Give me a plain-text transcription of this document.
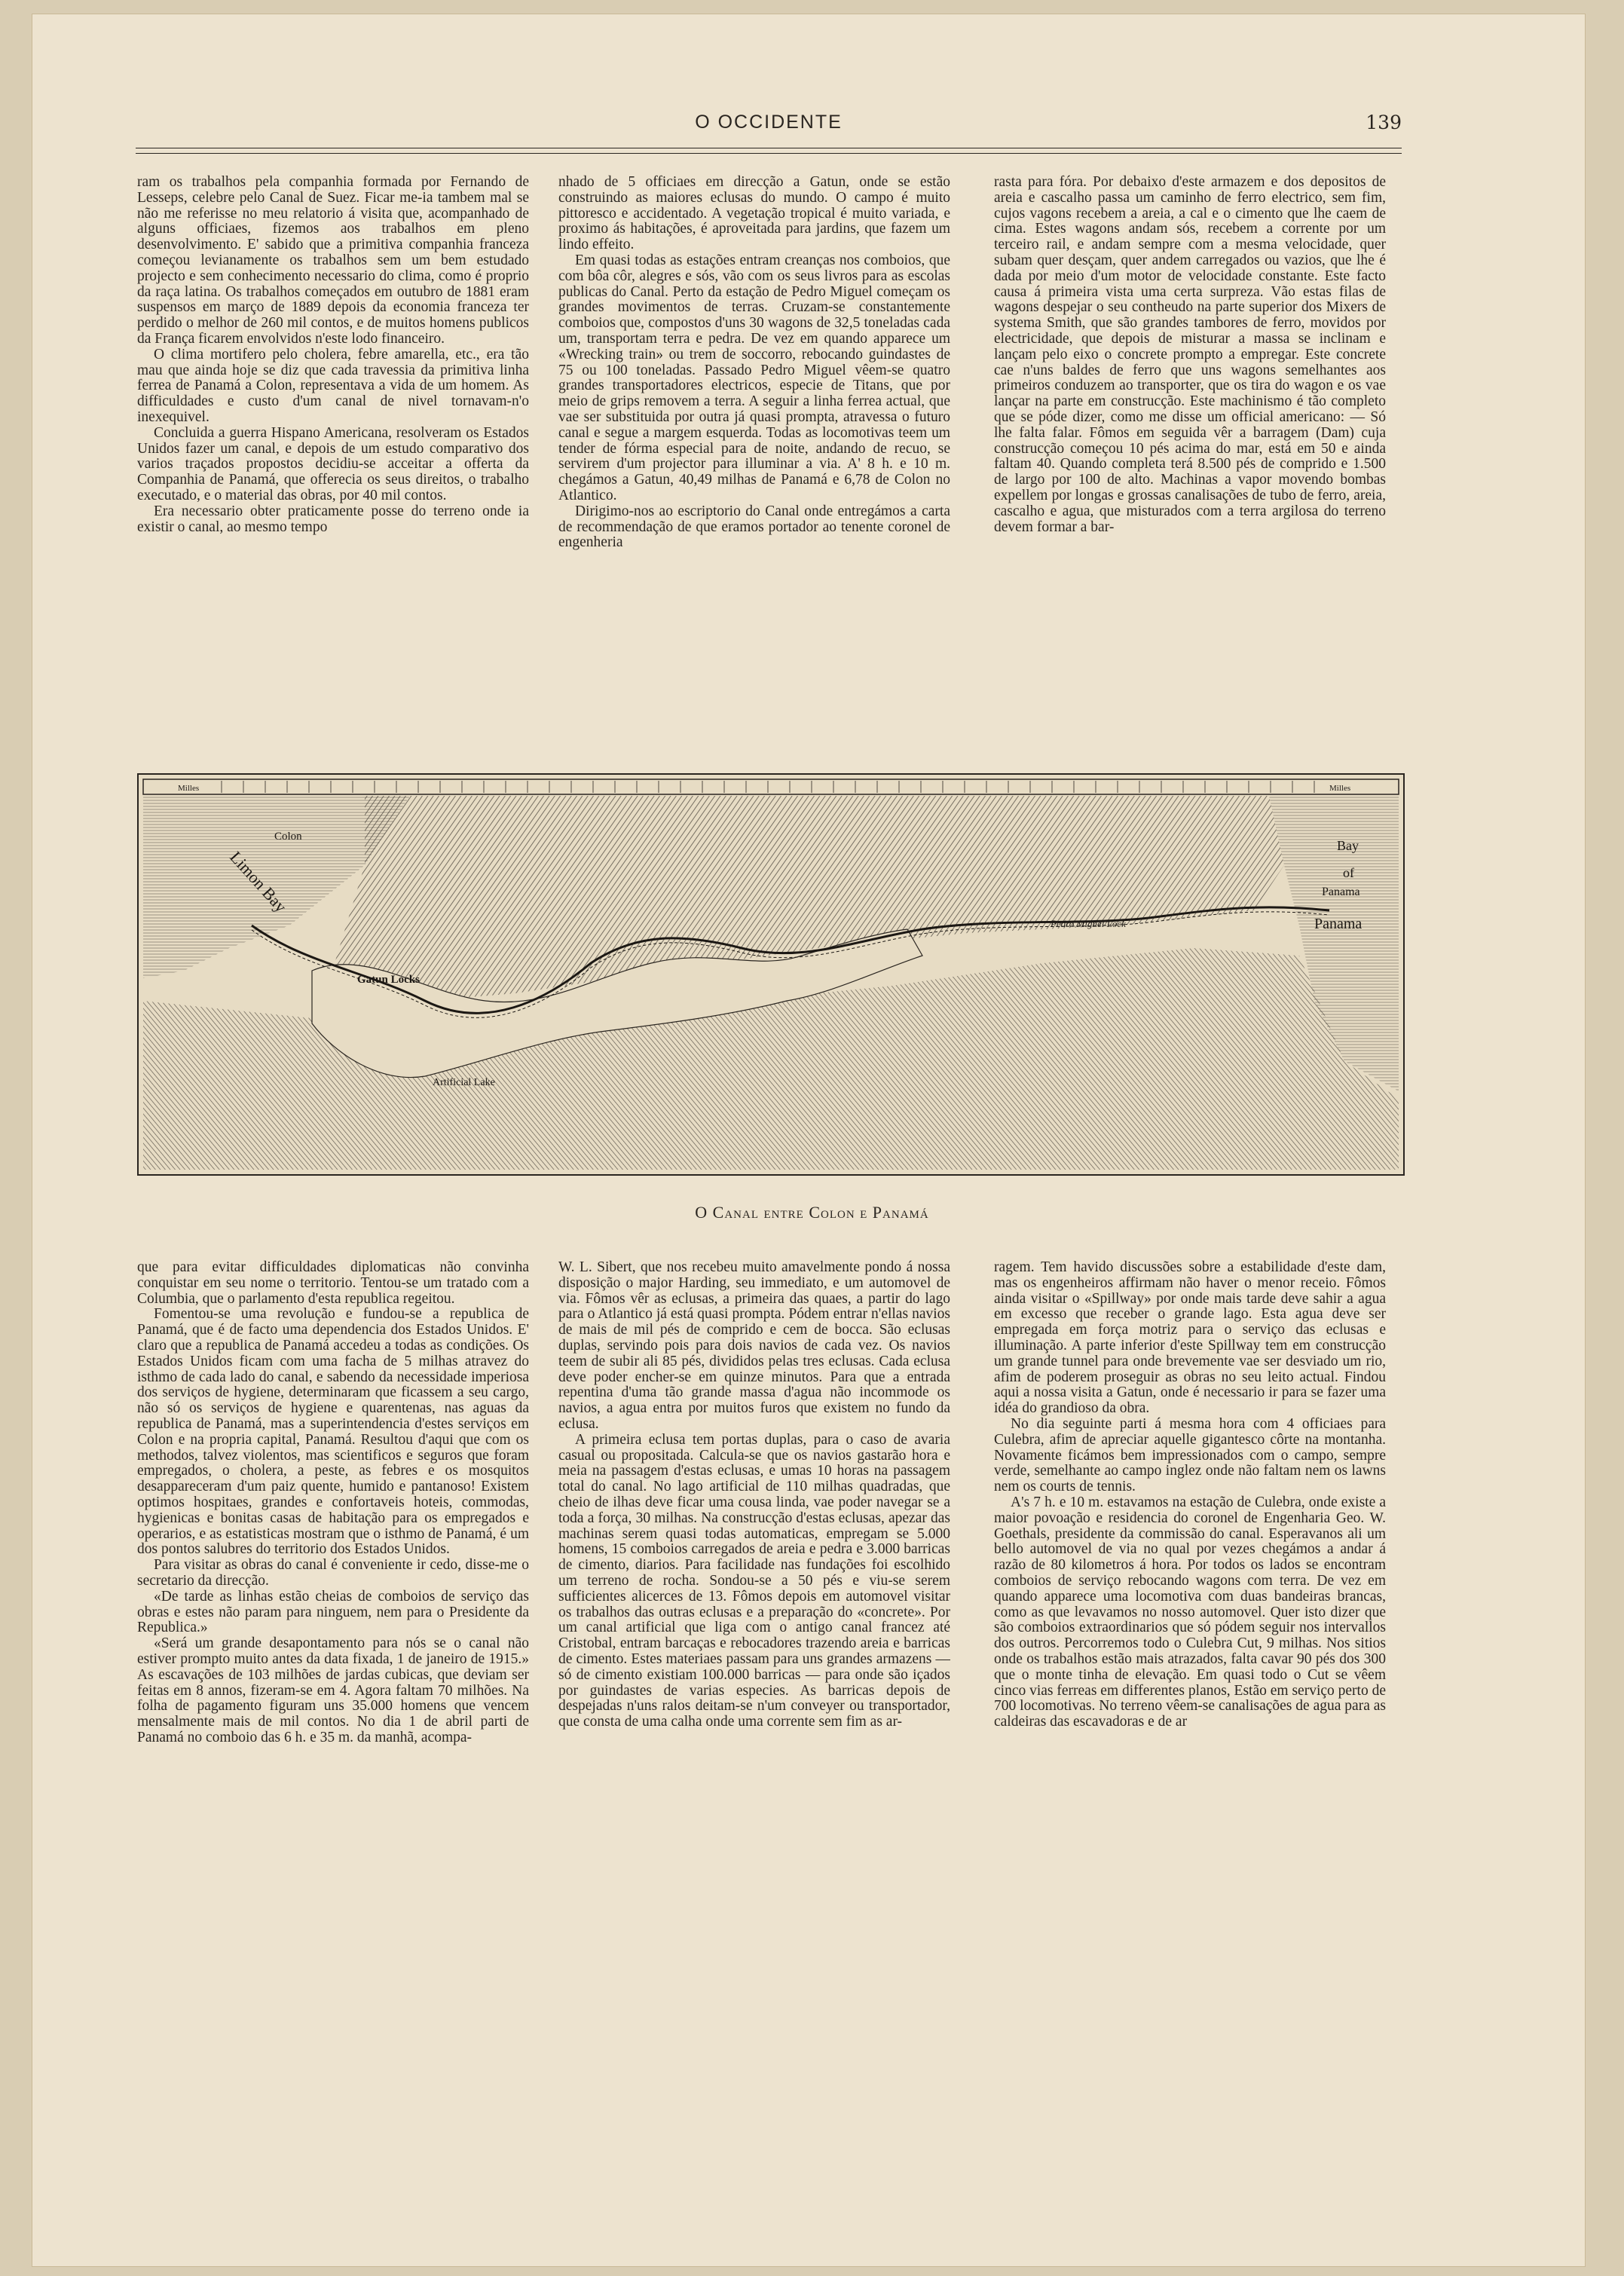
O OCCIDENTE	139

ram os trabalhos pela companhia formada por Fernando de Lesseps, celebre pelo Canal de Suez. Ficar me-ia tambem mal se não me referisse no meu relatorio á visita que, acompanhado de alguns officiaes, fizemos aos trabalhos em pleno desenvolvimento. E' sabido que a primitiva companhia franceza começou levianamente os trabalhos sem um bem estudado projecto e sem conhecimento necessario do clima, como é proprio da raça latina. Os trabalhos começados em outubro de 1881 eram suspensos em março de 1889 depois da economia franceza ter perdido o melhor de 260 mil contos, e de muitos homens publicos da França ficarem envolvidos n'este lodo financeiro.

O clima mortifero pelo cholera, febre amarella, etc., era tão mau que ainda hoje se diz que cada travessia da primitiva linha ferrea de Panamá a Colon, representava a vida de um homem. As difficuldades e custo d'um canal de nivel tornavam-n'o inexequivel.

Concluida a guerra Hispano Americana, resolveram os Estados Unidos fazer um canal, e depois de um estudo comparativo dos varios traçados propostos decidiu-se acceitar a offerta da Companhia de Panamá, que offerecia os seus direitos, o trabalho executado, e o material das obras, por 40 mil contos.

Era necessario obter praticamente posse do terreno onde ia existir o canal, ao mesmo tempo

nhado de 5 officiaes em direcção a Gatun, onde se estão construindo as maiores eclusas do mundo. O campo é muito pittoresco e accidentado. A vegetação tropical é muito variada, e proximo ás habitações, é aproveitada para jardins, que fazem um lindo effeito.

Em quasi todas as estações entram creanças nos comboios, que com bôa côr, alegres e sós, vão com os seus livros para as escolas publicas do Canal. Perto da estação de Pedro Miguel começam os grandes movimentos de terras. Cruzam-se constantemente comboios que, compostos d'uns 30 wagons de 32,5 toneladas cada um, transportam terra e pedra. De vez em quando apparece um «Wrecking train» ou trem de soccorro, rebocando guindastes de 75 ou 100 toneladas. Passado Pedro Miguel vêem-se quatro grandes transportadores electricos, especie de Titans, que por meio de grips removem a terra. A seguir a linha ferrea actual, que vae ser substituida por outra já quasi prompta, atravessa o futuro canal e segue a margem esquerda. Todas as locomotivas teem um tender de fórma especial para de noite, andando de recuo, se servirem d'um projector para illuminar a via. A' 8 h. e 10 m. chegámos a Gatun, 40,49 milhas de Panamá e 6,78 de Colon no Atlantico.

Dirigimo-nos ao escriptorio do Canal onde entregámos a carta de recommendação de que eramos portador ao tenente coronel de engenheria

rasta para fóra. Por debaixo d'este armazem e dos depositos de areia e cascalho passa um caminho de ferro electrico, sem fim, cujos vagons recebem a areia, a cal e o cimento que lhe caem de cima. Estes wagons andam sós, recebem a corrente por um terceiro rail, e andam sempre com a mesma velocidade, quer subam quer desçam, quer andem carregados ou vazios, que lhe é dada por meio d'um motor de velocidade constante. Este facto causa á primeira vista uma certa surpreza. Vão estas filas de wagons despejar o seu contheudo na parte superior dos Mixers de systema Smith, que são grandes tambores de ferro, movidos por electricidade, que depois de misturar a massa se inclinam e lançam pelo eixo o concrete prompto a empregar. Este concrete cae n'uns baldes de ferro que uns wagons semelhantes aos primeiros conduzem ao transporter, que os tira do wagon e os vae lançar na parte em construcção. Este machinismo é tão completo que se póde dizer, como me disse um official americano: — Só lhe falta falar. Fômos em seguida vêr a barragem (Dam) cuja construcção começou 10 pés acima do mar, está em 50 e ainda faltam 40. Quando completa terá 8.500 pés de comprido e 1.500 de largo por 100 de alto. Machinas a vapor movendo bombas expellem por longas e grossas canalisações de tubo de ferro, areia, cascalho e agua, que misturados com a terra argilosa do terreno devem formar a bar-

Milles	Milles
Limon Bay
Colon
Gatun Locks
Artificial Lake
Pedro Miguel Lock
Bay
of
Panama
Panama
O Canal entre Colon e Panamá

que para evitar difficuldades diplomaticas não convinha conquistar em seu nome o territorio. Tentou-se um tratado com a Columbia, que o parlamento d'esta republica regeitou.

Fomentou-se uma revolução e fundou-se a republica de Panamá, que é de facto uma dependencia dos Estados Unidos. E' claro que a republica de Panamá accedeu a todas as condições. Os Estados Unidos ficam com uma facha de 5 milhas atravez do isthmo de cada lado do canal, e sabendo da necessidade imperiosa dos serviços de hygiene, determinaram que ficassem a seu cargo, não só os serviços de hygiene e quarentenas, nas aguas da republica de Panamá, mas a superintendencia d'estes serviços em Colon e na propria capital, Panamá. Resultou d'aqui que com os methodos, talvez violentos, mas scientificos e seguros que foram empregados, o cholera, a peste, as febres e os mosquitos desappareceram d'um paiz quente, humido e pantanoso! Existem optimos hospitaes, grandes e confortaveis hoteis, commodas, hygienicas e bonitas casas de habitação para os empregados e operarios, e as estatisticas mostram que o isthmo de Panamá, é um dos pontos salubres do territorio dos Estados Unidos.

Para visitar as obras do canal é conveniente ir cedo, disse-me o secretario da direcção.

«De tarde as linhas estão cheias de comboios de serviço das obras e estes não param para ninguem, nem para o Presidente da Republica.»

«Será um grande desapontamento para nós se o canal não estiver prompto muito antes da data fixada, 1 de janeiro de 1915.» As escavações de 103 milhões de jardas cubicas, que deviam ser feitas em 8 annos, fizeram-se em 4. Agora faltam 70 milhões. Na folha de pagamento figuram uns 35.000 homens que vencem mensalmente mais de mil contos. No dia 1 de abril parti de Panamá no comboio das 6 h. e 35 m. da manhã, acompa-

W. L. Sibert, que nos recebeu muito amavelmente pondo á nossa disposição o major Harding, seu immediato, e um automovel de via. Fômos vêr as eclusas, a primeira das quaes, a partir do lago para o Atlantico já está quasi prompta. Pódem entrar n'ellas navios de mais de mil pés de comprido e cem de bocca. São eclusas duplas, servindo pois para dois navios de cada vez. Os navios teem de subir ali 85 pés, divididos pelas tres eclusas. Cada eclusa deve poder encher-se em quinze minutos. Para que a entrada repentina d'uma tão grande massa d'agua não incommode os navios, a agua entra por muitos furos que existem no fundo da eclusa.

A primeira eclusa tem portas duplas, para o caso de avaria casual ou propositada. Calcula-se que os navios gastarão hora e meia na passagem d'estas eclusas, e umas 10 horas na passagem total do canal. No lago artificial de 110 milhas quadradas, que cheio de ilhas deve ficar uma cousa linda, vae poder navegar se a toda a força, 30 milhas. Na construcção d'estas eclusas, apezar das machinas serem quasi todas automaticas, empregam se 5.000 homens, 15 comboios carregados de areia e pedra e 3.000 barricas de cimento, diarios. Para facilidade nas fundações foi escolhido um terreno de rocha. Sondou-se a 50 pés e viu-se serem sufficientes alicerces de 13. Fômos depois em automovel visitar os trabalhos das outras eclusas e a preparação do «concrete». Por um canal artificial que liga com o antigo canal francez até Cristobal, entram barcaças e rebocadores trazendo areia e barricas de cimento. Estes materiaes passam para uns grandes armazens — só de cimento existiam 100.000 barricas — para onde são içados por guindastes de varias especies. As barricas depois de despejadas n'uns ralos deitam-se n'um conveyer ou transportador, que consta de uma calha onde uma corrente sem fim as ar-

ragem. Tem havido discussões sobre a estabilidade d'este dam, mas os engenheiros affirmam não haver o menor receio. Fômos ainda visitar o «Spillway» por onde mais tarde deve sahir a agua em excesso que receber o grande lago. Esta agua deve ser empregada em força motriz para o serviço das eclusas e illuminação. A parte inferior d'este Spillway tem em construcção um grande tunnel para onde brevemente vae ser desviado um rio, afim de poderem proseguir as obras no seu leito actual. Findou aqui a nossa visita a Gatun, onde é necessario ir para se fazer uma idéa do grandioso da obra.

No dia seguinte parti á mesma hora com 4 officiaes para Culebra, afim de apreciar aquelle gigantesco côrte na montanha. Novamente ficámos bem impressionados com o campo, sempre verde, semelhante ao campo inglez onde não faltam nem os lawns nem os courts de tennis.

A's 7 h. e 10 m. estavamos na estação de Culebra, onde existe a maior povoação e residencia do coronel de Engenharia Geo. W. Goethals, presidente da commissão do canal. Esperavanos ali um bello automovel de via no qual por vezes chegámos a andar á razão de 80 kilometros á hora. Por todos os lados se encontram comboios de serviço rebocando wagons com terra. De vez em quando apparece uma locomotiva com duas bandeiras brancas, como as que levavamos no nosso automovel. Quer isto dizer que são comboios extraordinarios que só pódem seguir nos intervallos dos outros. Percorremos todo o Culebra Cut, 9 milhas. Nos sitios onde os trabalhos estão mais atrazados, falta cavar 90 pés dos 300 que o monte tinha de elevação. Em quasi todo o Cut se vêem cinco vias ferreas em differentes planos, Estão em serviço perto de 700 locomotivas. No terreno vêem-se canalisações de agua para as caldeiras das escavadoras e de ar
